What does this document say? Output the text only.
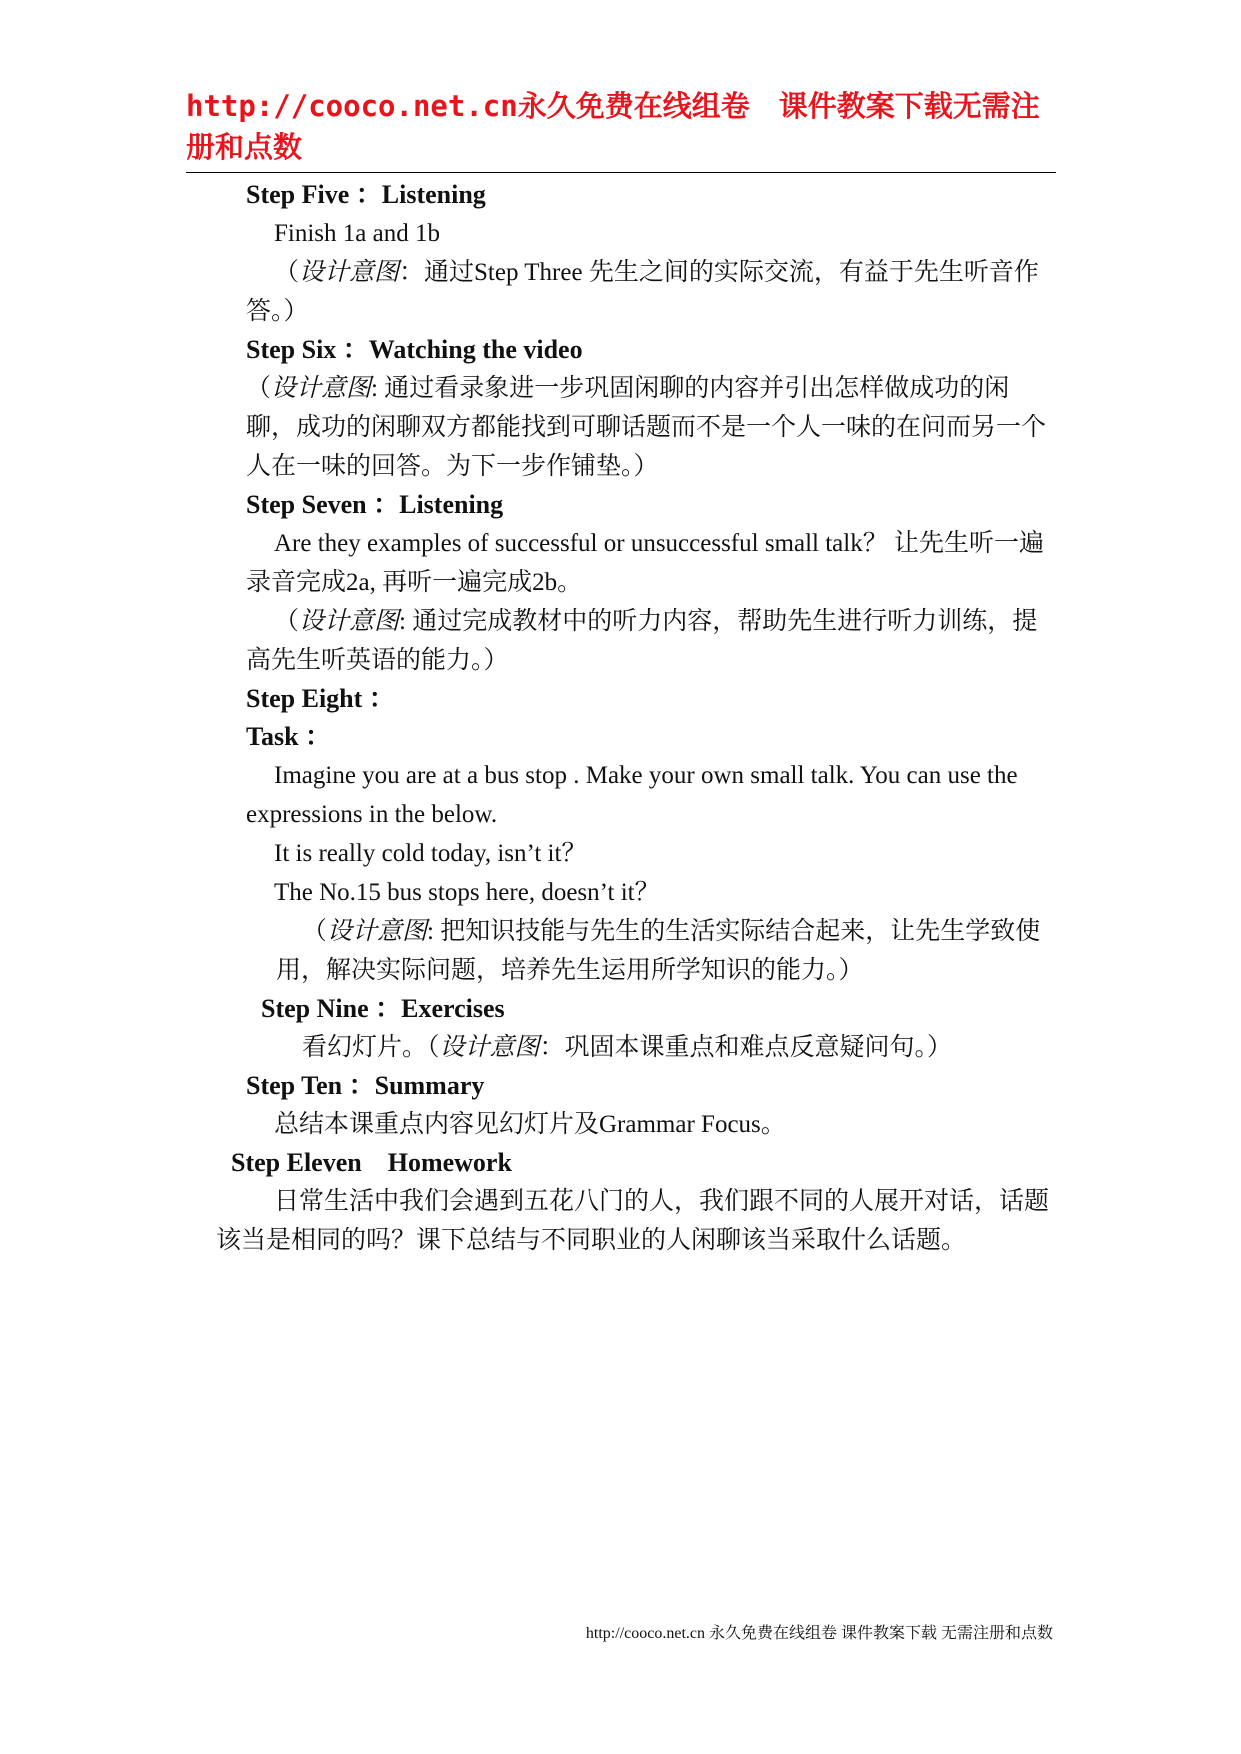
http://cooco.net.cn永久免费在线组卷　课件教案下载无需注

册和点数

Step Five ：Listening

Finish 1a and 1b

（设计意图：通过Step Three 先生之间的实际交流，有益于先生听音作答。）

Step Six ：Watching the video

（设计意图: 通过看录象进一步巩固闲聊的内容并引出怎样做成功的闲聊，成功的闲聊双方都能找到可聊话题而不是一个人一味的在问而另一个人在一味的回答。为下一步作铺垫。）

Step Seven ：Listening

Are they examples of successful or unsuccessful small talk？ 让先生听一遍录音完成2a, 再听一遍完成2b。

（设计意图: 通过完成教材中的听力内容，帮助先生进行听力训练，提高先生听英语的能力。）

Step Eight ：

Task ：

Imagine you are at a bus stop . Make your own small talk. You can use the expressions in the below.

It is really cold today, isn’t it？

The No.15 bus stops here, doesn’t it？

（设计意图: 把知识技能与先生的生活实际结合起来，让先生学致使用，解决实际问题，培养先生运用所学知识的能力。）

Step Nine ：Exercises

看幻灯片。（设计意图：巩固本课重点和难点反意疑问句。）

Step Ten ：Summary

总结本课重点内容见幻灯片及Grammar Focus。

Step Eleven　Homework

日常生活中我们会遇到五花八门的人，我们跟不同的人展开对话，话题该当是相同的吗？课下总结与不同职业的人闲聊该当采取什么话题。

http://cooco.net.cn 永久免费在线组卷 课件教案下载 无需注册和点数
